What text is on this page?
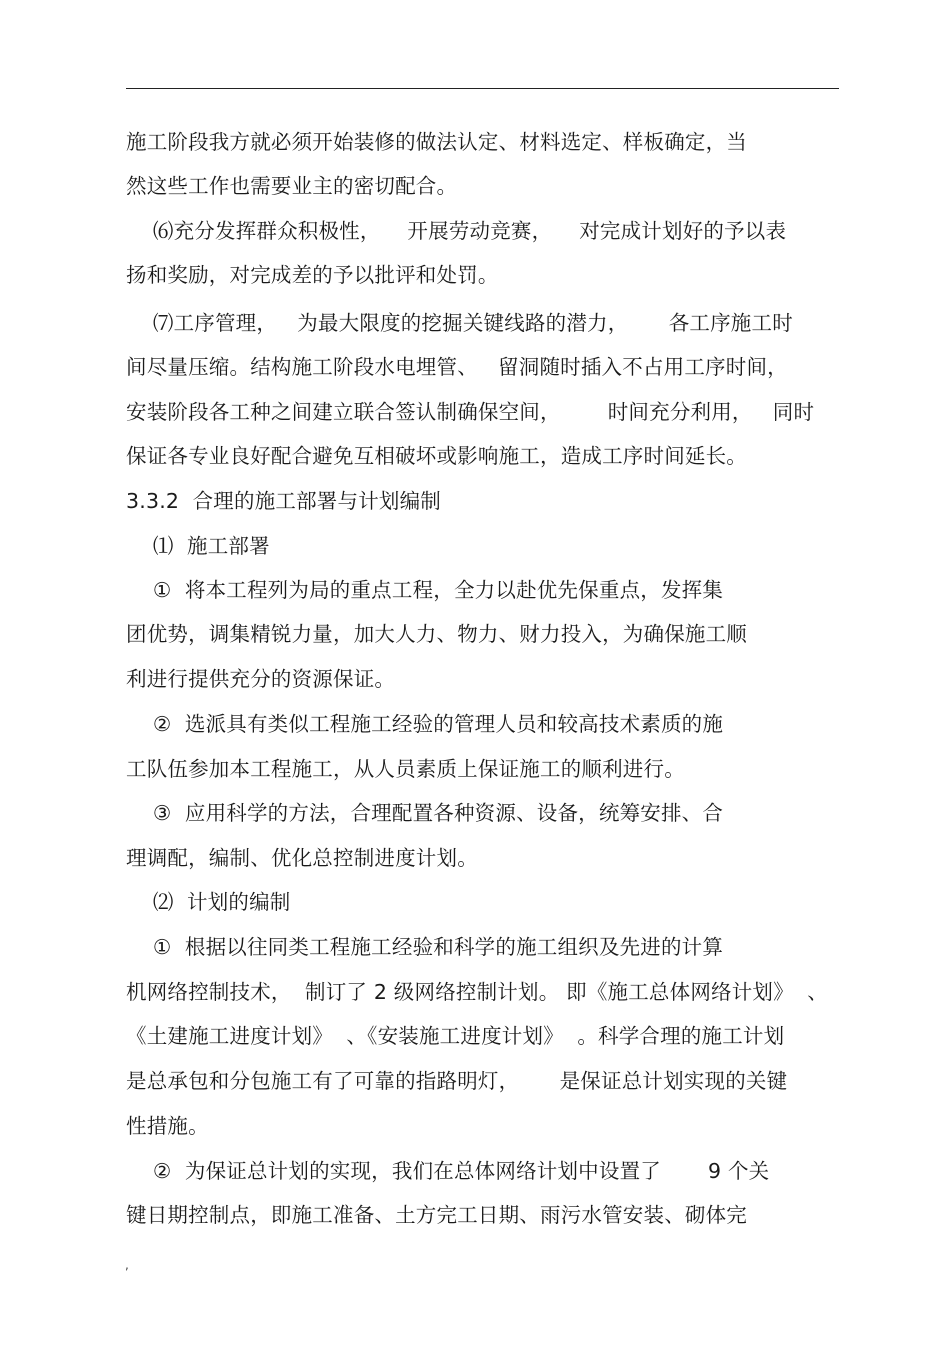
施工阶段我方就必须开始装修的做法认定、材料选定、样板确定，当
然这些工作也需要业主的密切配合。
⑹充分发挥群众积极性，    开展劳动竞赛，    对完成计划好的予以表
扬和奖励，对完成差的予以批评和处罚。
⑺工序管理，   为最大限度的挖掘关键线路的潜力，      各工序施工时
间尽量压缩。结构施工阶段水电埋管、   留洞随时插入不占用工序时间，
安装阶段各工种之间建立联合签认制确保空间，       时间充分利用，   同时
保证各专业良好配合避免互相破坏或影响施工，造成工序时间延长。
3.3.2  合理的施工部署与计划编制
⑴  施工部署
①  将本工程列为局的重点工程，全力以赴优先保重点，发挥集
团优势，调集精锐力量，加大人力、物力、财力投入，为确保施工顺
利进行提供充分的资源保证。
②  选派具有类似工程施工经验的管理人员和较高技术素质的施
工队伍参加本工程施工，从人员素质上保证施工的顺利进行。
③  应用科学的方法，合理配置各种资源、设备，统筹安排、合
理调配，编制、优化总控制进度计划。
⑵  计划的编制
①  根据以往同类工程施工经验和科学的施工组织及先进的计算
机网络控制技术，  制订了 2 级网络控制计划。 即《施工总体网络计划》  、
《土建施工进度计划》  、《安装施工进度计划》  。科学合理的施工计划
是总承包和分包施工有了可靠的指路明灯，      是保证总计划实现的关键
性措施。
②  为保证总计划的实现，我们在总体网络计划中设置了       9 个关
键日期控制点，即施工准备、土方完工日期、雨污水管安装、砌体完
,
